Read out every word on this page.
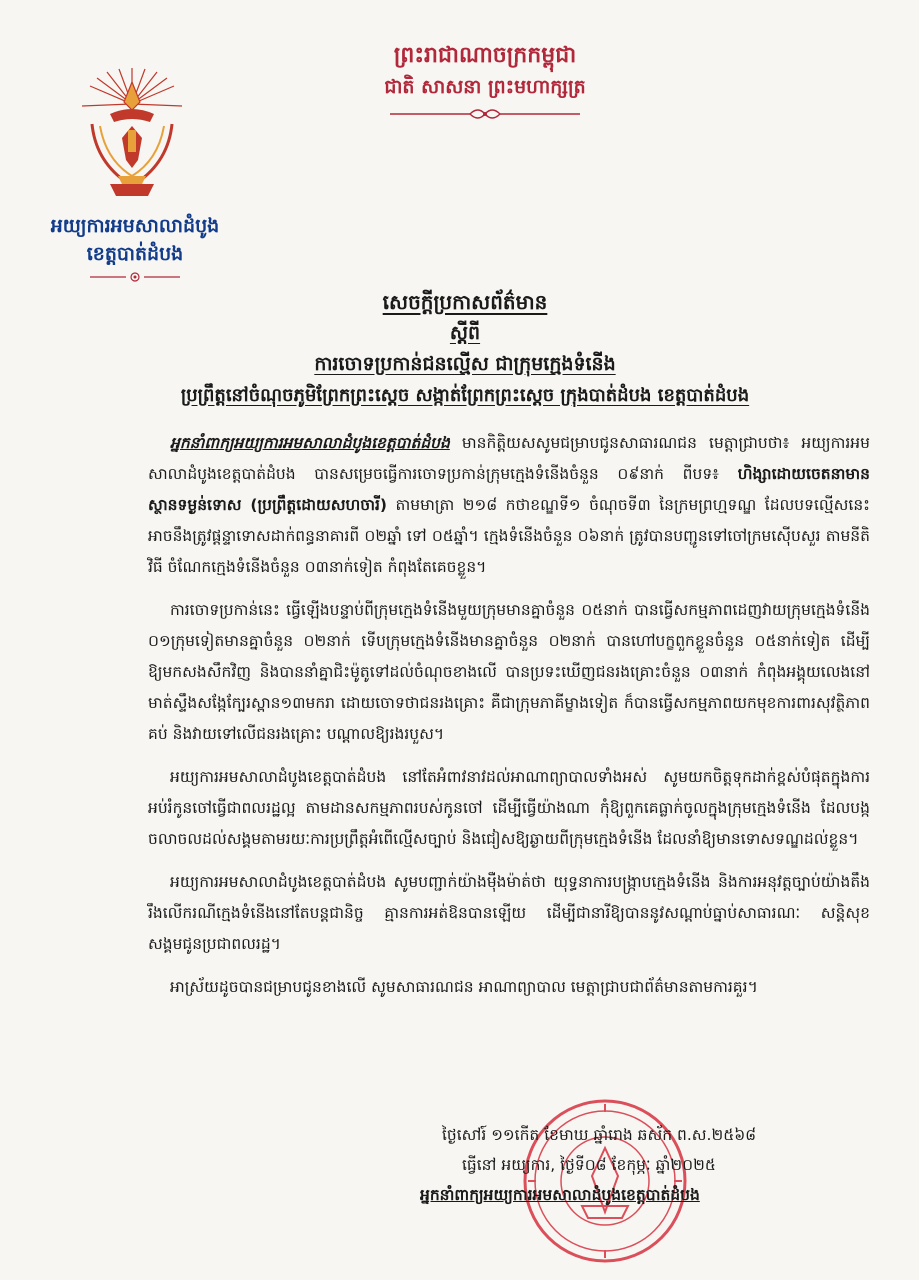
ព្រះរាជាណាចក្រកម្ពុជា
ជាតិ សាសនា ព្រះមហាក្សត្រ
អយ្យការអមសាលាដំបូង
ខេត្តបាត់ដំបង
សេចក្តីប្រកាសព័ត៌មាន
ស្តីពី
ការចោទប្រកាន់ជនល្មើស ជាក្រុមក្មេងទំនើង
ប្រព្រឹត្តនៅចំណុចភូមិព្រែកព្រះស្តេច សង្កាត់ព្រែកព្រះស្តេច ក្រុងបាត់ដំបង ខេត្តបាត់ដំបង

អ្នកនាំពាក្យអយ្យការអមសាលាដំបូងខេត្តបាត់ដំបង មានកិត្តិយសសូមជម្រាបជូនសាធារណជន មេត្តាជ្រាបថា៖ អយ្យការអមសាលាដំបូងខេត្តបាត់ដំបង បានសម្រេចធ្វើការចោទប្រកាន់ក្រុមក្មេងទំនើងចំនួន ០៩នាក់ ពីបទ៖ ហិង្សាដោយចេតនាមានស្ថានទម្ងន់ទោស (ប្រព្រឹត្តដោយសហចារី) តាមមាត្រា ២១៨ កថាខណ្ឌទី១ ចំណុចទី៣ នៃក្រមព្រហ្មទណ្ឌ ដែលបទល្មើសនេះ អាចនឹងត្រូវផ្តន្ទាទោសដាក់ពន្ធនាគារពី ០២ឆ្នាំ ទៅ ០៥ឆ្នាំ។ ក្មេងទំនើងចំនួន ០៦នាក់ ត្រូវបានបញ្ជូនទៅចៅក្រមស៊ើបសួរ តាមនីតិវិធី ចំណែកក្មេងទំនើងចំនួន ០៣នាក់ទៀត កំពុងតែគេចខ្លួន។

ការចោទប្រកាន់នេះ ធ្វើឡើងបន្ទាប់ពីក្រុមក្មេងទំនើងមួយក្រុមមានគ្នាចំនួន ០៥នាក់ បានធ្វើសកម្មភាពដេញវាយក្រុមក្មេងទំនើង ០១ក្រុមទៀតមានគ្នាចំនួន ០២នាក់ ទើបក្រុមក្មេងទំនើងមានគ្នាចំនួន ០២នាក់ បានហៅបក្ខពួកខ្លួនចំនួន ០៥នាក់ទៀត ដើម្បីឱ្យមកសងសឹកវិញ និងបាននាំគ្នាជិះម៉ូតូទៅដល់ចំណុចខាងលើ បានប្រទះឃើញជនរងគ្រោះចំនួន ០៣នាក់ កំពុងអង្គុយលេងនៅមាត់ស្ទឹងសង្កែក្បែរស្ពាន១៣មករា ដោយចោទថាជនរងគ្រោះ គឺជាក្រុមភាគីម្ខាងទៀត ក៏បានធ្វើសកម្មភាពយកមុខការពារសុវត្ថិភាពគប់ និងវាយទៅលើជនរងគ្រោះ បណ្តាលឱ្យរងរបួស។

អយ្យការអមសាលាដំបូងខេត្តបាត់ដំបង នៅតែអំពាវនាវដល់អាណាព្យាបាលទាំងអស់ សូមយកចិត្តទុកដាក់ខ្ពស់បំផុតក្នុងការអប់រំកូនចៅធ្វើជាពលរដ្ឋល្អ តាមដានសកម្មភាពរបស់កូនចៅ ដើម្បីធ្វើយ៉ាងណា កុំឱ្យពួកគេធ្លាក់ចូលក្នុងក្រុមក្មេងទំនើង ដែលបង្កចលាចលដល់សង្គមតាមរយៈការប្រព្រឹត្តអំពើល្មើសច្បាប់ និងជៀសឱ្យឆ្ងាយពីក្រុមក្មេងទំនើង ដែលនាំឱ្យមានទោសទណ្ឌដល់ខ្លួន។

អយ្យការអមសាលាដំបូងខេត្តបាត់ដំបង សូមបញ្ជាក់យ៉ាងម៉ឺងម៉ាត់ថា យុទ្ធនាការបង្ក្រាបក្មេងទំនើង និងការអនុវត្តច្បាប់យ៉ាងតឹងរឹងលើករណីក្មេងទំនើងនៅតែបន្តជានិច្ច គ្មានការអត់ឱនបានឡើយ ដើម្បីជានារីឱ្យបាននូវសណ្តាប់ធ្នាប់សាធារណៈ សន្តិសុខសង្គមជូនប្រជាពលរដ្ឋ។

អាស្រ័យដូចបានជម្រាបជូនខាងលើ សូមសាធារណជន អាណាព្យាបាល មេត្តាជ្រាបជាព័ត៌មានតាមការគួរ។

ថ្ងៃសៅរ៍ ១១កើត ខែមាឃ ឆ្នាំរោង ឆស័ក ព.ស.២៥៦៨
ធ្វើនៅ អយ្យការ, ថ្ងៃទី០៨ ខែកុម្ភៈ ឆ្នាំ២០២៥
អ្នកនាំពាក្យអយ្យការអមសាលាដំបូងខេត្តបាត់ដំបង
